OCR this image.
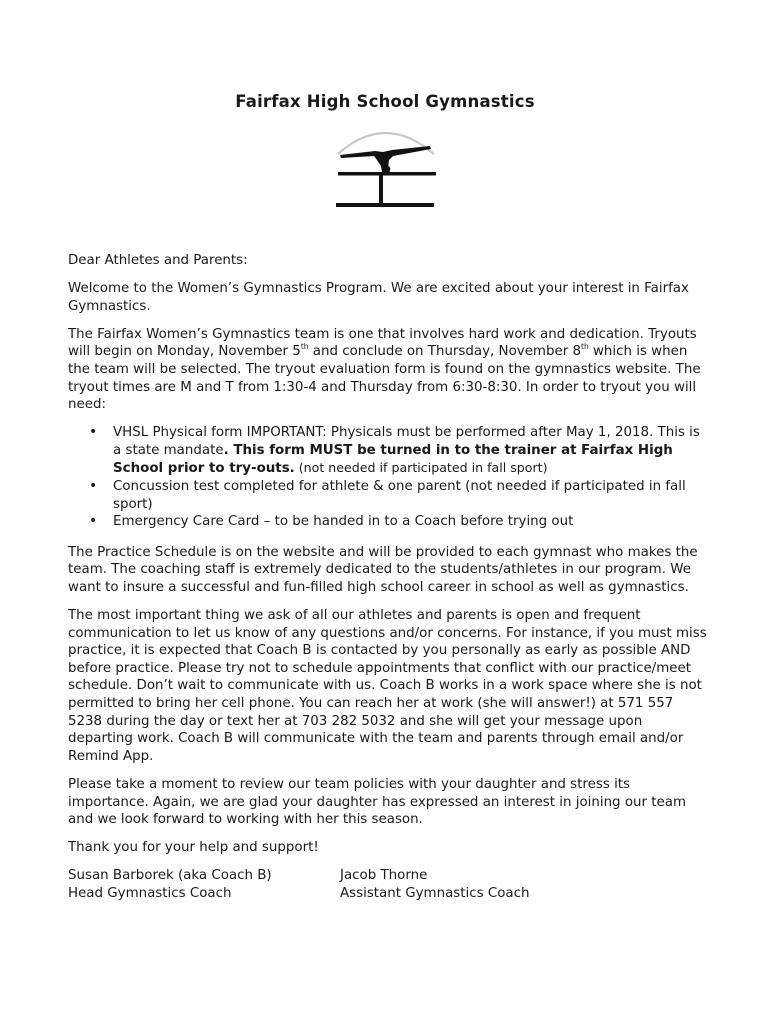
Fairfax High School Gymnastics

Dear Athletes and Parents:

Welcome to the Women’s Gymnastics Program. We are excited about your interest in Fairfax Gymnastics.

The Fairfax Women’s Gymnastics team is one that involves hard work and dedication. Tryouts will begin on Monday, November 5th and conclude on Thursday, November 8th which is when the team will be selected. The tryout evaluation form is found on the gymnastics website. The tryout times are M and T from 1:30-4 and Thursday from 6:30-8:30. In order to tryout you will need:

• VHSL Physical form IMPORTANT: Physicals must be performed after May 1, 2018. This is a state mandate. This form MUST be turned in to the trainer at Fairfax High School prior to try-outs. (not needed if participated in fall sport)
• Concussion test completed for athlete & one parent (not needed if participated in fall sport)
• Emergency Care Card – to be handed in to a Coach before trying out

The Practice Schedule is on the website and will be provided to each gymnast who makes the team. The coaching staff is extremely dedicated to the students/athletes in our program. We want to insure a successful and fun-filled high school career in school as well as gymnastics.

The most important thing we ask of all our athletes and parents is open and frequent communication to let us know of any questions and/or concerns. For instance, if you must miss practice, it is expected that Coach B is contacted by you personally as early as possible AND before practice. Please try not to schedule appointments that conflict with our practice/meet schedule. Don’t wait to communicate with us. Coach B works in a work space where she is not permitted to bring her cell phone. You can reach her at work (she will answer!) at 571 557 5238 during the day or text her at 703 282 5032 and she will get your message upon departing work. Coach B will communicate with the team and parents through email and/or Remind App.

Please take a moment to review our team policies with your daughter and stress its importance. Again, we are glad your daughter has expressed an interest in joining our team and we look forward to working with her this season.

Thank you for your help and support!

Susan Barborek (aka Coach B)
Head Gymnastics Coach
Jacob Thorne
Assistant Gymnastics Coach
